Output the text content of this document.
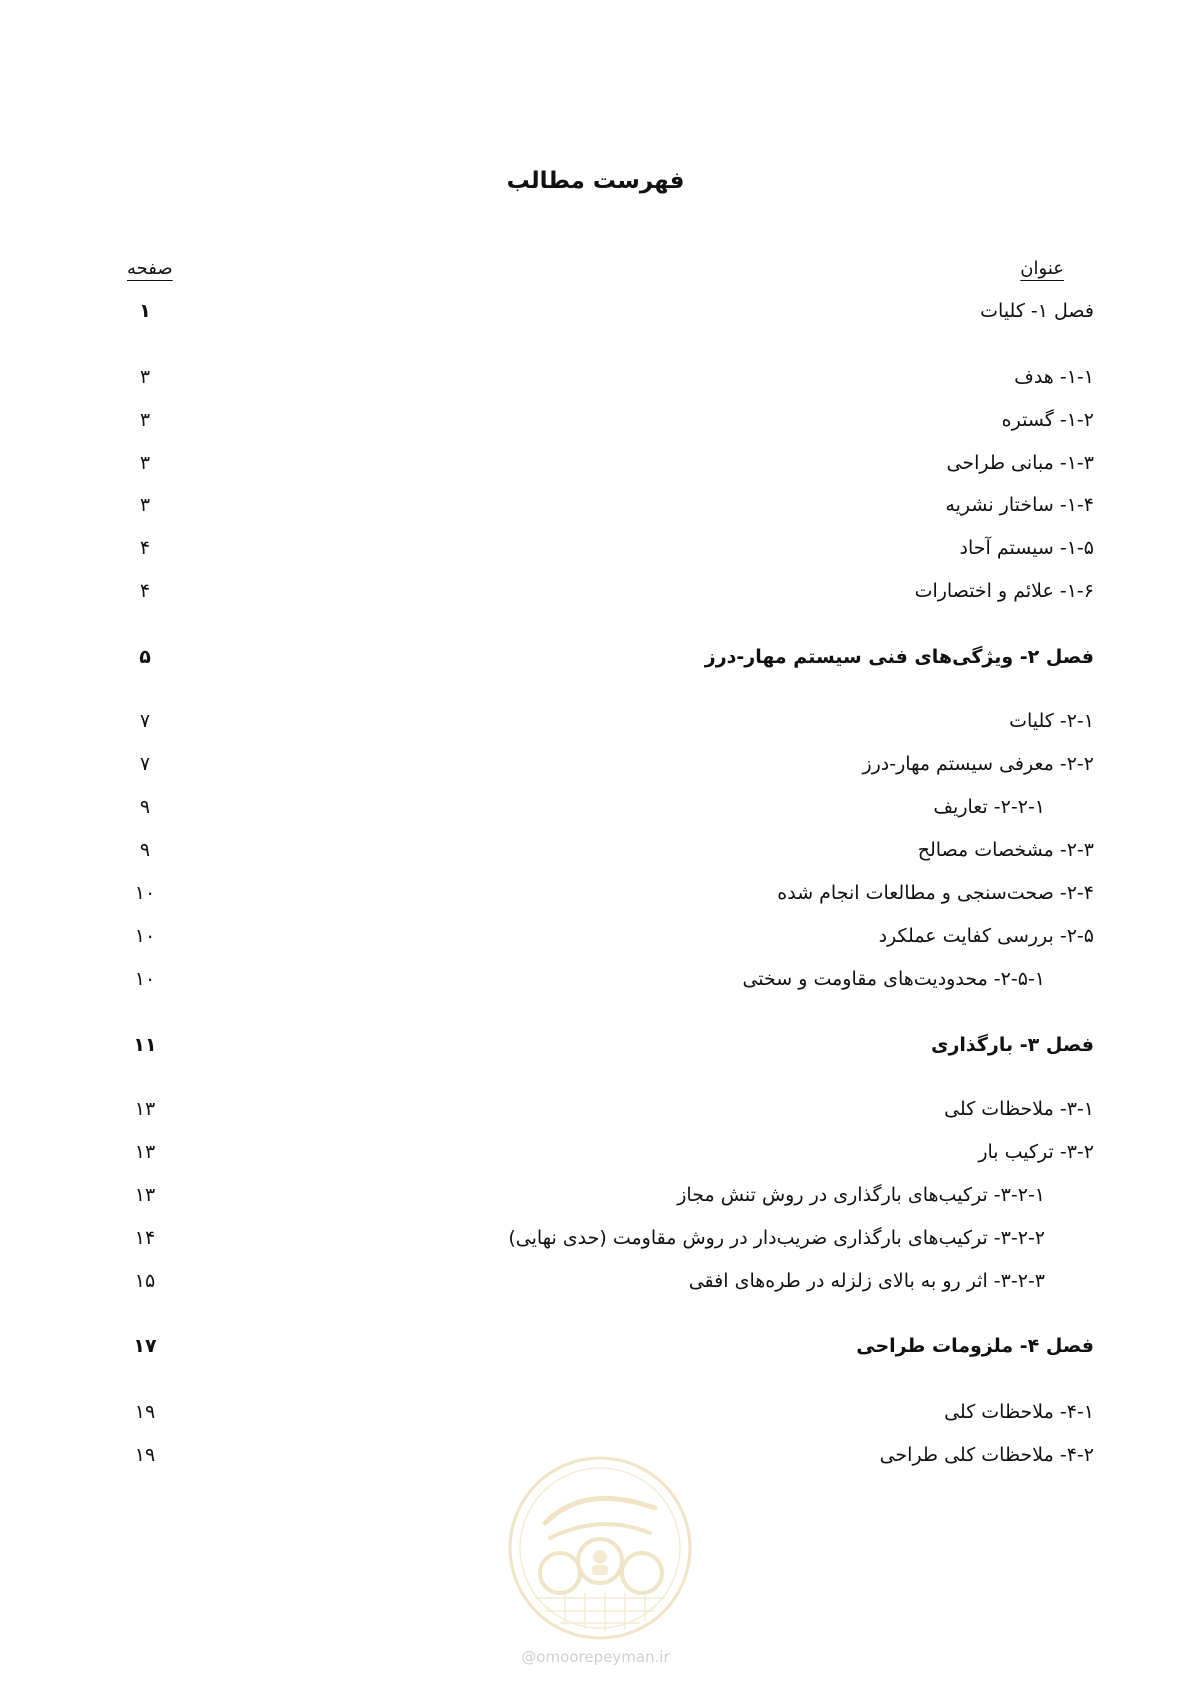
فهرست مطالب
عنوان
صفحه
فصل ۱- کلیات
۱
۱-۱- هدف
۳
۱-۲- گستره
۳
۱-۳- مبانی طراحی
۳
۱-۴- ساختار نشریه
۳
۱-۵- سیستم آحاد
۴
۱-۶- علائم و اختصارات
۴
فصل ۲- ویژگی‌های فنی سیستم مهار-درز
۵
۲-۱- کلیات
۷
۲-۲- معرفی سیستم مهار-درز
۷
۲-۲-۱- تعاریف
۹
۲-۳- مشخصات مصالح
۹
۲-۴- صحت‌سنجی و مطالعات انجام شده
۱۰
۲-۵- بررسی کفایت عملکرد
۱۰
۲-۵-۱- محدودیت‌های مقاومت و سختی
۱۰
فصل ۳- بارگذاری
۱۱
۳-۱- ملاحظات کلی
۱۳
۳-۲- ترکیب بار
۱۳
۳-۲-۱- ترکیب‌های بارگذاری در روش تنش مجاز
۱۳
۳-۲-۲- ترکیب‌های بارگذاری ضریب‌دار در روش مقاومت (حدی نهایی)
۱۴
۳-۲-۳- اثر رو به بالای زلزله در طره‌های افقی
۱۵
فصل ۴- ملزومات طراحی
۱۷
۴-۱- ملاحظات کلی
۱۹
۴-۲- ملاحظات کلی طراحی
۱۹
@omoorepeyman.ir
